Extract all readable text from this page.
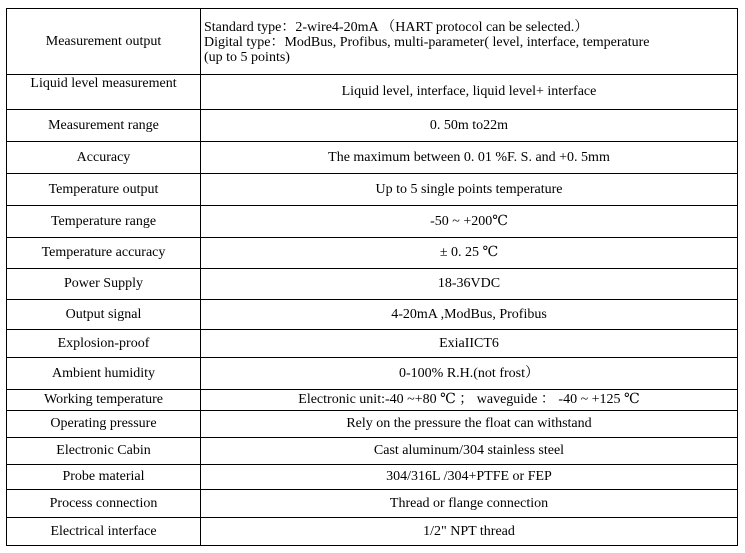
Measurement output	Standard type：2-wire4-20mA （HART protocol can be selected.）
Digital type：ModBus, Profibus, multi-parameter( level, interface, temperature
(up to 5 points)

Liquid level measurement	Liquid level, interface, liquid level+ interface
Measurement range	0. 50m to22m
Accuracy	The maximum between 0. 01 %F. S. and +0. 5mm
Temperature output	Up to 5 single points temperature
Temperature range	-50 ~ +200℃
Temperature accuracy	± 0. 25 ℃
Power Supply	18-36VDC
Output signal	4-20mA ,ModBus, Profibus
Explosion-proof	ExiaIICT6
Ambient humidity	0-100% R.H.(not frost）
Working temperature	Electronic unit:-40 ~+80 ℃ ； waveguide ： -40 ~ +125 ℃
Operating pressure	Rely on the pressure the float can withstand
Electronic Cabin	Cast aluminum/304 stainless steel
Probe material	304/316L /304+PTFE or FEP
Process connection	Thread or flange connection
Electrical interface	1/2" NPT thread
